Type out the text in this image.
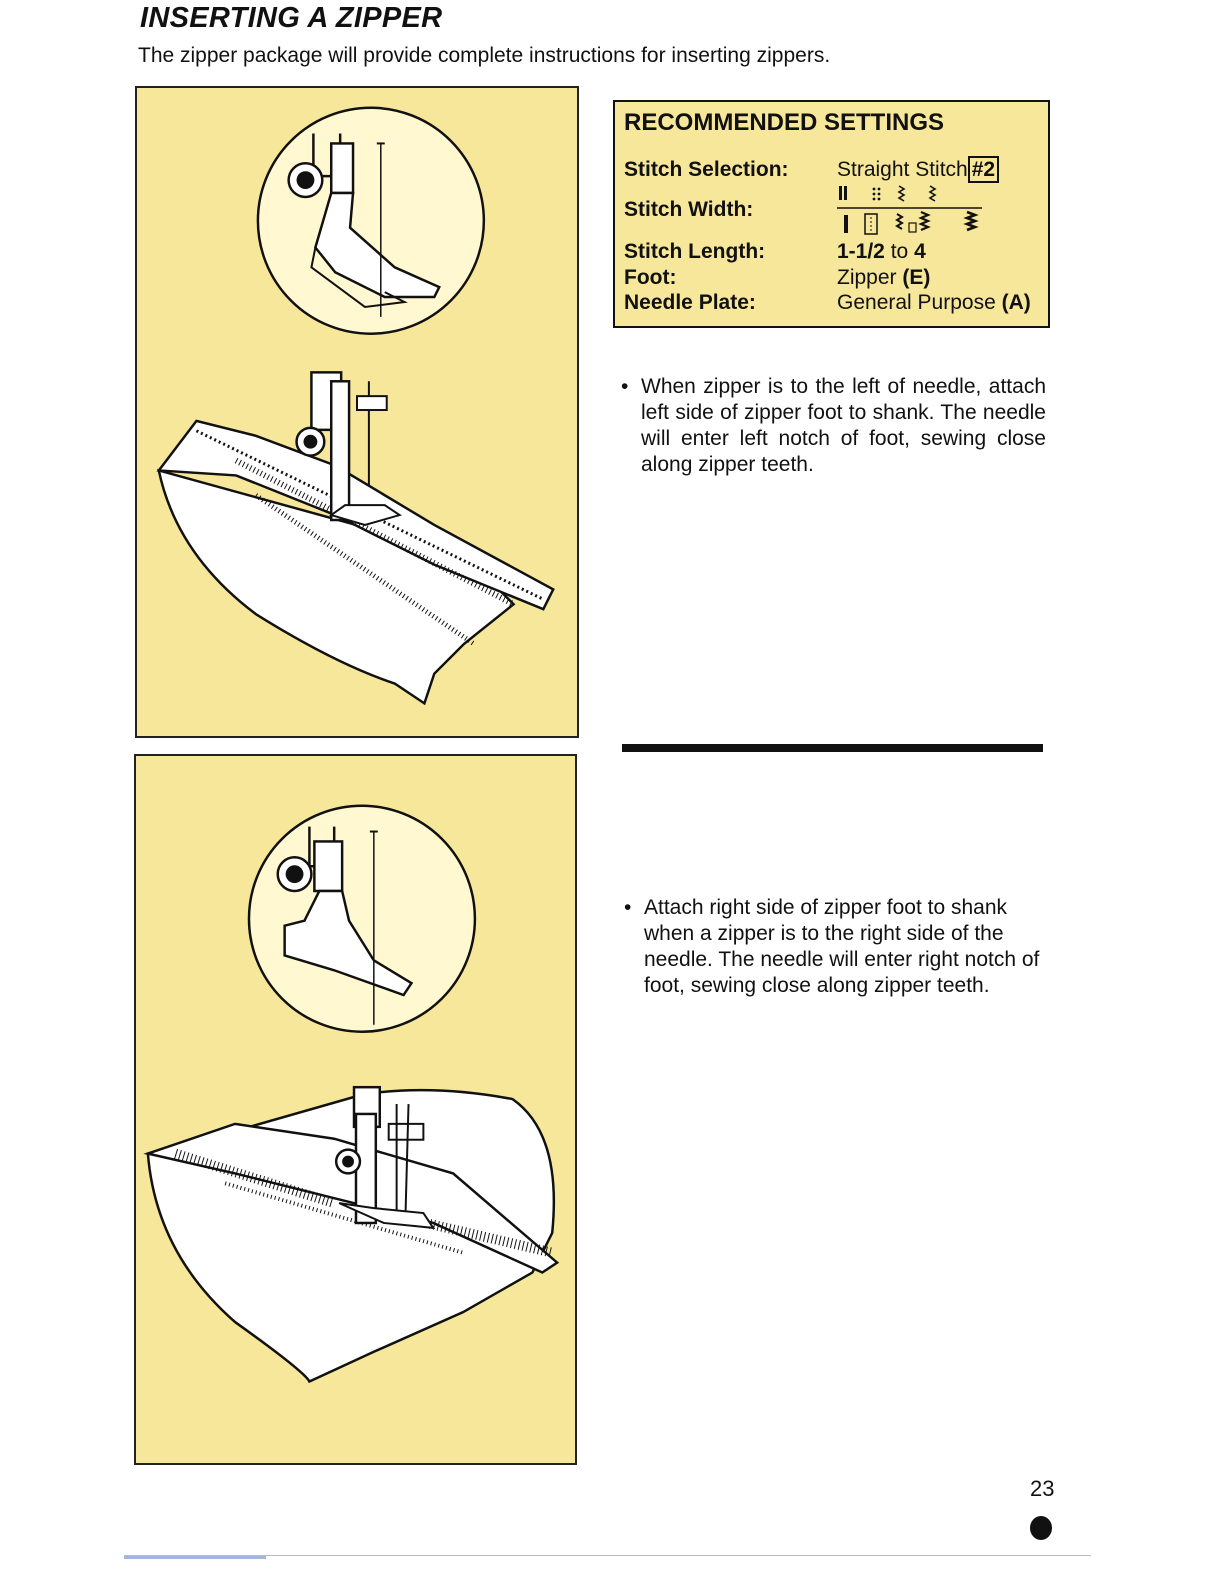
INSERTING A ZIPPER
The zipper package will provide complete instructions for inserting zippers.
RECOMMENDED SETTINGS
Stitch Selection: Straight Stitch #2
Stitch Width:
Stitch Length:	1-1/2 to 4
Foot:	Zipper (E)
Needle Plate:	General Purpose (A)
• When zipper is to the left of needle, attach left side of zipper foot to shank. The needle will enter left notch of foot, sewing close along zipper teeth.
• Attach right side of zipper foot to shank when a zipper is to the right side of the needle. The needle will enter right notch of foot, sewing close along zipper teeth.
23
